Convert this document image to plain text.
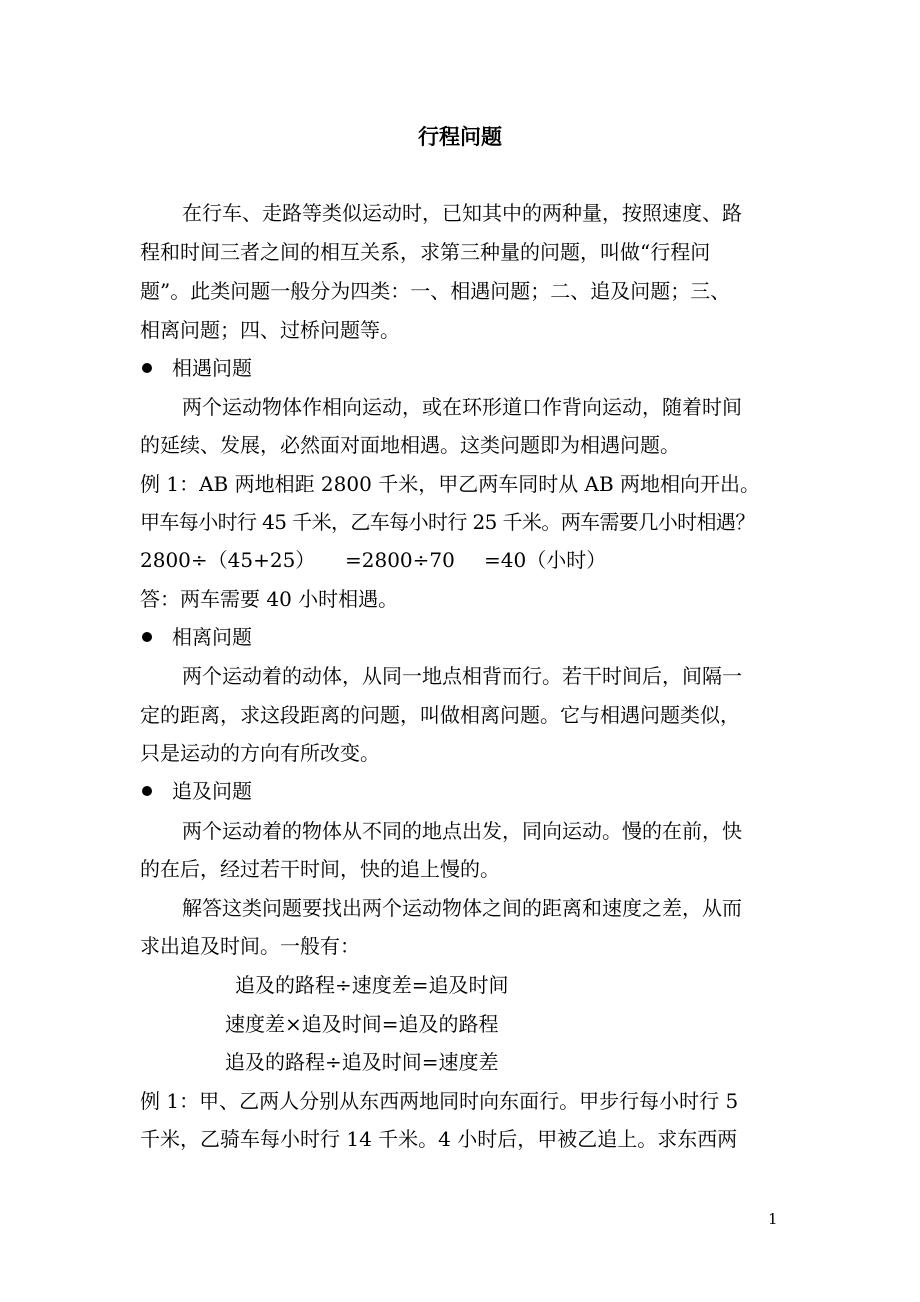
行程问题
在行车、走路等类似运动时，已知其中的两种量，按照速度、路
程和时间三者之间的相互关系，求第三种量的问题，叫做“行程问
题”。此类问题一般分为四类：一、相遇问题；二、追及问题；三、
相离问题；四、过桥问题等。
相遇问题
两个运动物体作相向运动，或在环形道口作背向运动，随着时间
的延续、发展，必然面对面地相遇。这类问题即为相遇问题。
例 1：AB 两地相距 2800 千米，甲乙两车同时从 AB 两地相向开出。
甲车每小时行 45 千米，乙车每小时行 25 千米。两车需要几小时相遇？
2800÷（45+25） =2800÷70 =40（小时）
答：两车需要 40 小时相遇。
相离问题
两个运动着的动体，从同一地点相背而行。若干时间后，间隔一
定的距离，求这段距离的问题，叫做相离问题。它与相遇问题类似，
只是运动的方向有所改变。
追及问题
两个运动着的物体从不同的地点出发，同向运动。慢的在前，快
的在后，经过若干时间，快的追上慢的。
解答这类问题要找出两个运动物体之间的距离和速度之差，从而
求出追及时间。一般有：
追及的路程÷速度差=追及时间
速度差×追及时间=追及的路程
追及的路程÷追及时间=速度差
例 1：甲、乙两人分别从东西两地同时向东面行。甲步行每小时行 5
千米，乙骑车每小时行 14 千米。4 小时后，甲被乙追上。求东西两
1
